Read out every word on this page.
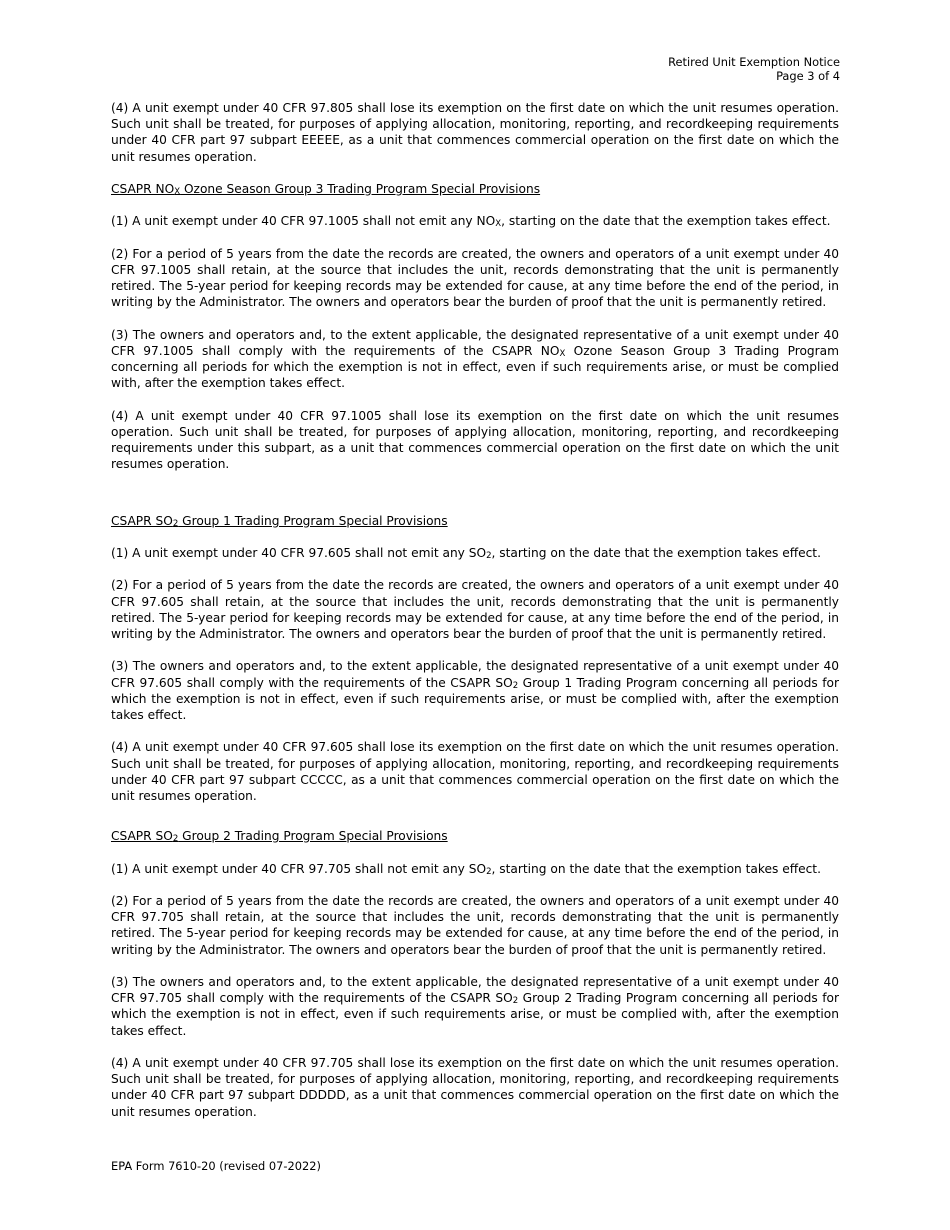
Retired Unit Exemption Notice
Page 3 of 4

(4) A unit exempt under 40 CFR 97.805 shall lose its exemption on the first date on which the unit resumes operation. Such unit shall be treated, for purposes of applying allocation, monitoring, reporting, and recordkeeping requirements under 40 CFR part 97 subpart EEEEE, as a unit that commences commercial operation on the first date on which the unit resumes operation.

CSAPR $NO_X$ Ozone Season Group 3 Trading Program Special Provisions

(1) A unit exempt under 40 CFR 97.1005 shall not emit any $NO_X$, starting on the date that the exemption takes effect.

(2) For a period of 5 years from the date the records are created, the owners and operators of a unit exempt under 40 CFR 97.1005 shall retain, at the source that includes the unit, records demonstrating that the unit is permanently retired. The 5-year period for keeping records may be extended for cause, at any time before the end of the period, in writing by the Administrator. The owners and operators bear the burden of proof that the unit is permanently retired.

(3) The owners and operators and, to the extent applicable, the designated representative of a unit exempt under 40 CFR 97.1005 shall comply with the requirements of the CSAPR $NO_X$ Ozone Season Group 3 Trading Program concerning all periods for which the exemption is not in effect, even if such requirements arise, or must be complied with, after the exemption takes effect.

(4) A unit exempt under 40 CFR 97.1005 shall lose its exemption on the first date on which the unit resumes operation. Such unit shall be treated, for purposes of applying allocation, monitoring, reporting, and recordkeeping requirements under this subpart, as a unit that commences commercial operation on the first date on which the unit resumes operation.

CSAPR $SO_2$ Group 1 Trading Program Special Provisions

(1) A unit exempt under 40 CFR 97.605 shall not emit any $SO_2$, starting on the date that the exemption takes effect.

(2) For a period of 5 years from the date the records are created, the owners and operators of a unit exempt under 40 CFR 97.605 shall retain, at the source that includes the unit, records demonstrating that the unit is permanently retired. The 5-year period for keeping records may be extended for cause, at any time before the end of the period, in writing by the Administrator. The owners and operators bear the burden of proof that the unit is permanently retired.

(3) The owners and operators and, to the extent applicable, the designated representative of a unit exempt under 40 CFR 97.605 shall comply with the requirements of the CSAPR $SO_2$ Group 1 Trading Program concerning all periods for which the exemption is not in effect, even if such requirements arise, or must be complied with, after the exemption takes effect.

(4) A unit exempt under 40 CFR 97.605 shall lose its exemption on the first date on which the unit resumes operation. Such unit shall be treated, for purposes of applying allocation, monitoring, reporting, and recordkeeping requirements under 40 CFR part 97 subpart CCCCC, as a unit that commences commercial operation on the first date on which the unit resumes operation.

CSAPR $SO_2$ Group 2 Trading Program Special Provisions

(1) A unit exempt under 40 CFR 97.705 shall not emit any $SO_2$, starting on the date that the exemption takes effect.

(2) For a period of 5 years from the date the records are created, the owners and operators of a unit exempt under 40 CFR 97.705 shall retain, at the source that includes the unit, records demonstrating that the unit is permanently retired. The 5-year period for keeping records may be extended for cause, at any time before the end of the period, in writing by the Administrator. The owners and operators bear the burden of proof that the unit is permanently retired.

(3) The owners and operators and, to the extent applicable, the designated representative of a unit exempt under 40 CFR 97.705 shall comply with the requirements of the CSAPR $SO_2$ Group 2 Trading Program concerning all periods for which the exemption is not in effect, even if such requirements arise, or must be complied with, after the exemption takes effect.

(4) A unit exempt under 40 CFR 97.705 shall lose its exemption on the first date on which the unit resumes operation. Such unit shall be treated, for purposes of applying allocation, monitoring, reporting, and recordkeeping requirements under 40 CFR part 97 subpart DDDDD, as a unit that commences commercial operation on the first date on which the unit resumes operation.

EPA Form 7610-20 (revised 07-2022)
